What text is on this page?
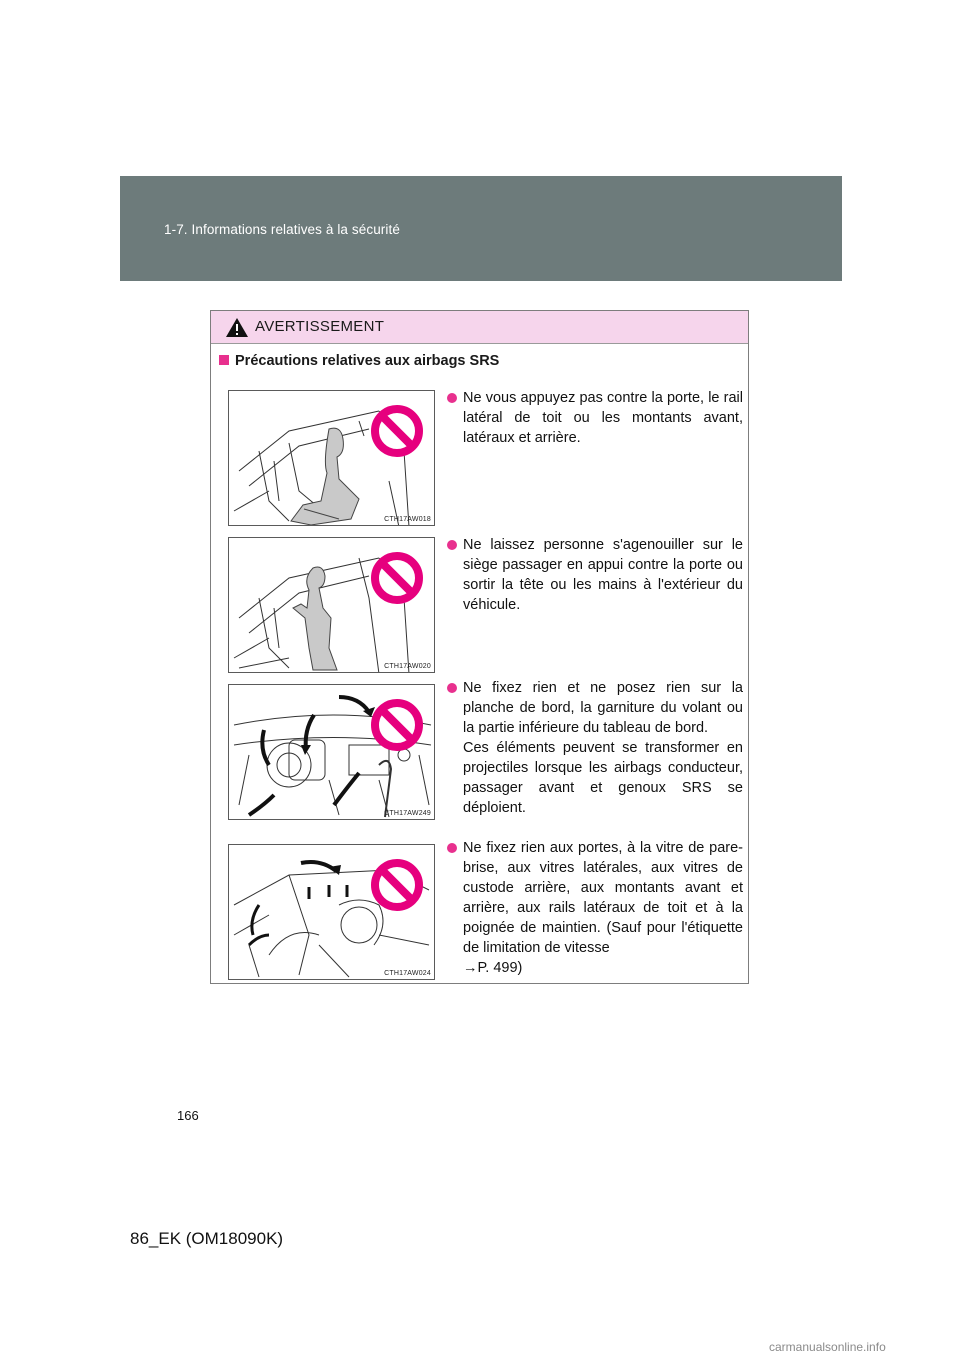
1-7. Informations relatives à la sécurité
AVERTISSEMENT
Précautions relatives aux airbags SRS
CTH17AW018
Ne vous appuyez pas contre la porte, le rail latéral de toit ou les montants avant, latéraux et arrière.
CTH17AW020
Ne laissez personne s'agenouiller sur le siège passager en appui contre la porte ou sortir la tête ou les mains à l'extérieur du véhicule.
CTH17AW249
Ne fixez rien et ne posez rien sur la planche de bord, la garniture du volant ou la partie inférieure du tableau de bord.
Ces éléments peuvent se transformer en projectiles lorsque les airbags conducteur, passager avant et genoux SRS se déploient.
CTH17AW024
Ne fixez rien aux portes, à la vitre de pare-brise, aux vitres latérales, aux vitres de custode arrière, aux montants avant et arrière, aux rails latéraux de toit et à la poignée de maintien. (Sauf pour l'étiquette de limitation de vitesse
→P. 499)
166
86_EK (OM18090K)
carmanualsonline.info
